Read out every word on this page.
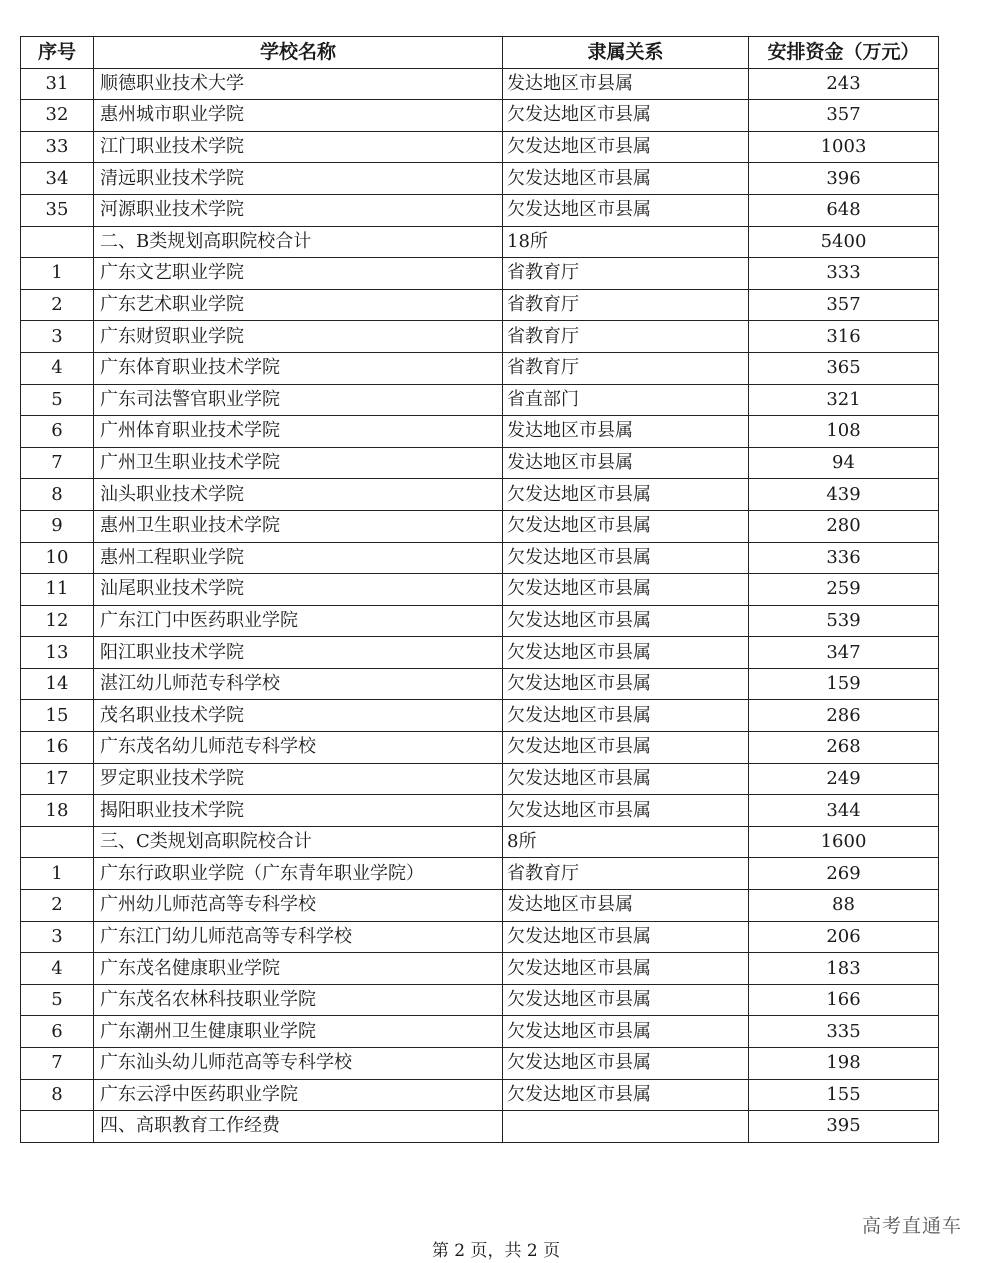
序号	学校名称	隶属关系	安排资金（万元）
31	顺德职业技术大学	发达地区市县属	243
32	惠州城市职业学院	欠发达地区市县属	357
33	江门职业技术学院	欠发达地区市县属	1003
34	清远职业技术学院	欠发达地区市县属	396
35	河源职业技术学院	欠发达地区市县属	648
	二、B类规划高职院校合计	18所	5400
1	广东文艺职业学院	省教育厅	333
2	广东艺术职业学院	省教育厅	357
3	广东财贸职业学院	省教育厅	316
4	广东体育职业技术学院	省教育厅	365
5	广东司法警官职业学院	省直部门	321
6	广州体育职业技术学院	发达地区市县属	108
7	广州卫生职业技术学院	发达地区市县属	94
8	汕头职业技术学院	欠发达地区市县属	439
9	惠州卫生职业技术学院	欠发达地区市县属	280
10	惠州工程职业学院	欠发达地区市县属	336
11	汕尾职业技术学院	欠发达地区市县属	259
12	广东江门中医药职业学院	欠发达地区市县属	539
13	阳江职业技术学院	欠发达地区市县属	347
14	湛江幼儿师范专科学校	欠发达地区市县属	159
15	茂名职业技术学院	欠发达地区市县属	286
16	广东茂名幼儿师范专科学校	欠发达地区市县属	268
17	罗定职业技术学院	欠发达地区市县属	249
18	揭阳职业技术学院	欠发达地区市县属	344
	三、C类规划高职院校合计	8所	1600
1	广东行政职业学院（广东青年职业学院）	省教育厅	269
2	广州幼儿师范高等专科学校	发达地区市县属	88
3	广东江门幼儿师范高等专科学校	欠发达地区市县属	206
4	广东茂名健康职业学院	欠发达地区市县属	183
5	广东茂名农林科技职业学院	欠发达地区市县属	166
6	广东潮州卫生健康职业学院	欠发达地区市县属	335
7	广东汕头幼儿师范高等专科学校	欠发达地区市县属	198
8	广东云浮中医药职业学院	欠发达地区市县属	155
	四、高职教育工作经费		395
第 2 页，共 2 页
高考直通车
